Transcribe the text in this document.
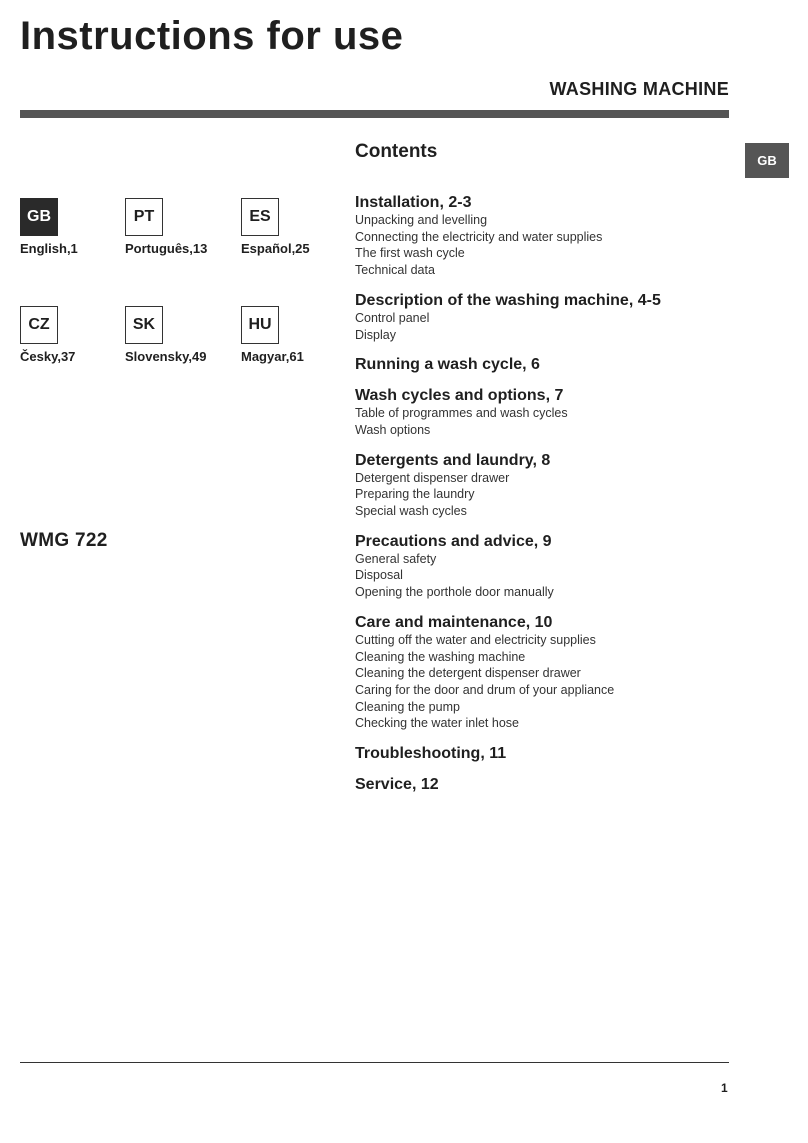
Instructions for use
WASHING MACHINE
GB
GB
English,1
PT
Português,13
ES
Español,25
CZ
Česky,37
SK
Slovensky,49
HU
Magyar,61
WMG 722
Contents
Installation, 2-3
Unpacking and levelling
Connecting the electricity and water supplies
The first wash cycle
Technical data
Description of the washing machine, 4-5
Control panel
Display
Running a wash cycle, 6
Wash cycles and options, 7
Table of programmes and wash cycles
Wash options
Detergents and laundry, 8
Detergent dispenser drawer
Preparing the laundry
Special wash cycles
Precautions and advice, 9
General safety
Disposal
Opening the porthole door manually
Care and maintenance, 10
Cutting off the water and electricity supplies
Cleaning the washing machine
Cleaning the detergent dispenser drawer
Caring for the door and drum of your appliance
Cleaning the pump
Checking the water inlet hose
Troubleshooting, 11
Service, 12
1
